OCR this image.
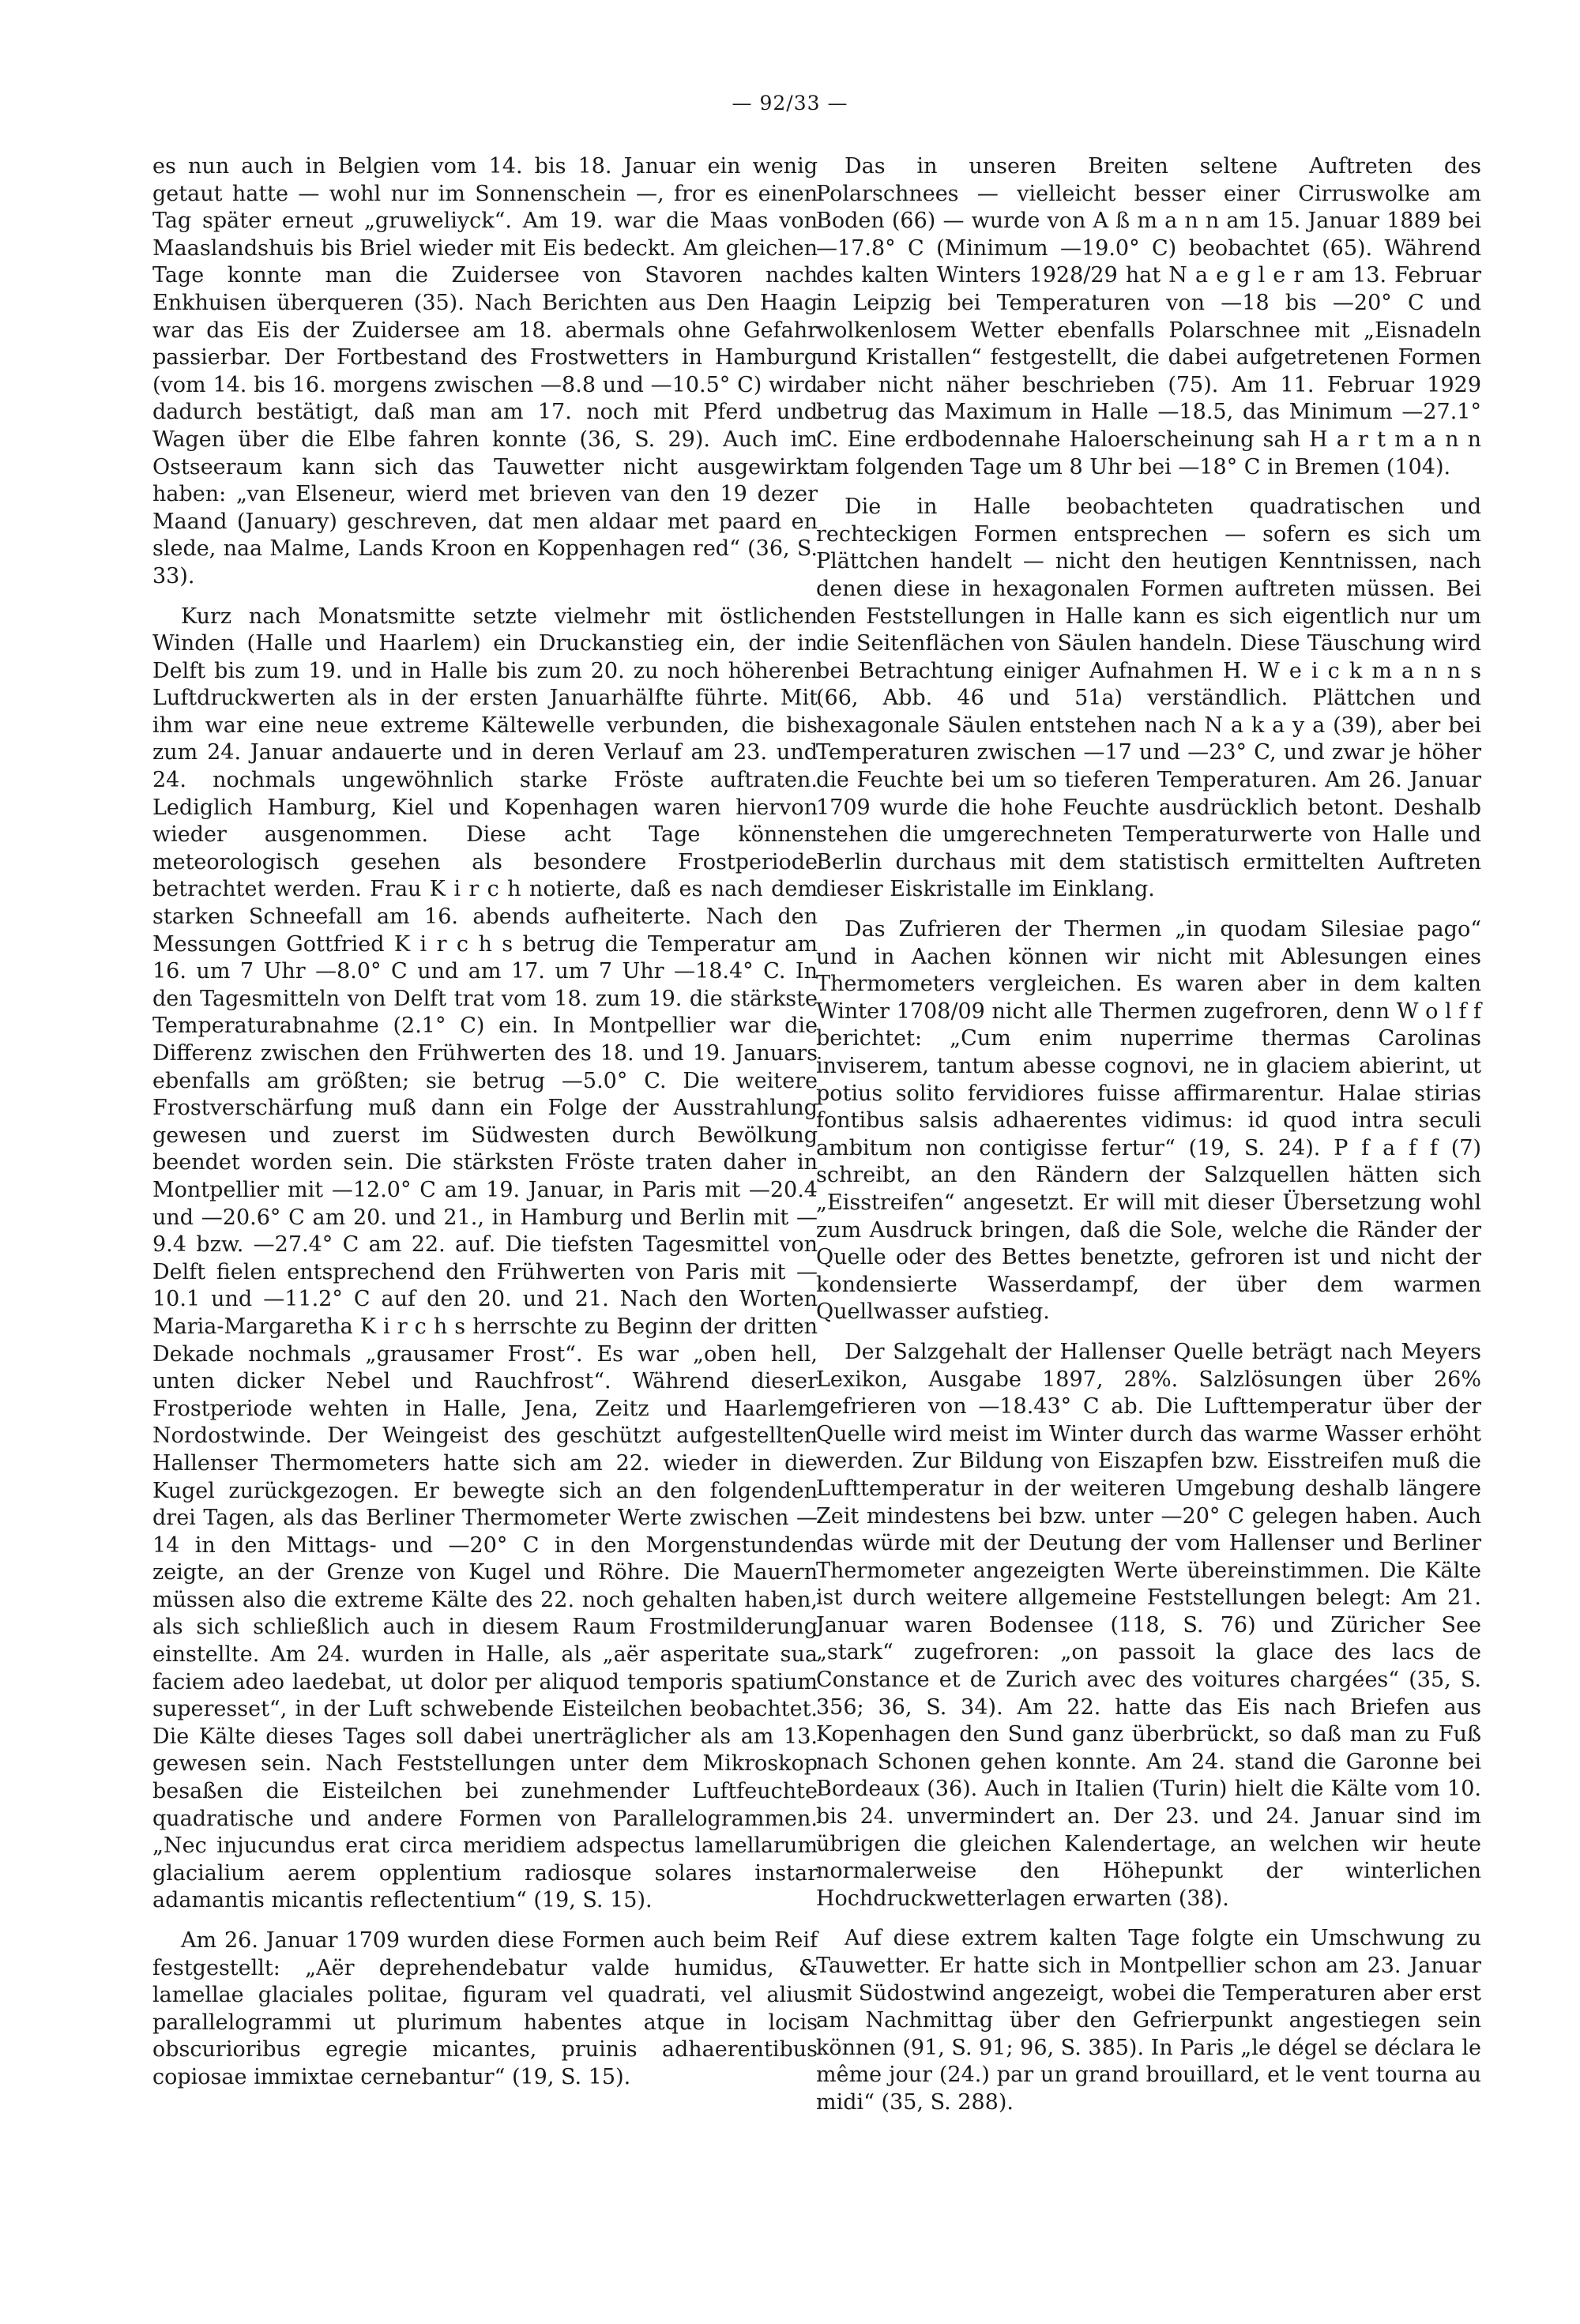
— 92/33 —

es nun auch in Belgien vom 14. bis 18. Januar ein wenig getaut hatte — wohl nur im Sonnenschein —, fror es einen Tag später erneut „gruweliyck“. Am 19. war die Maas von Maaslandshuis bis Briel wieder mit Eis bedeckt. Am gleichen Tage konnte man die Zuidersee von Stavoren nach Enkhuisen überqueren (35). Nach Berichten aus Den Haag war das Eis der Zuidersee am 18. abermals ohne Gefahr passierbar. Der Fortbestand des Frostwetters in Hamburg (vom 14. bis 16. morgens zwischen —8.8 und —10.5° C) wird dadurch bestätigt, daß man am 17. noch mit Pferd und Wagen über die Elbe fahren konnte (36, S. 29). Auch im Ostseeraum kann sich das Tauwetter nicht ausgewirkt haben: „van Elseneur, wierd met brieven van den 19 dezer Maand (January) geschreven, dat men aldaar met paard en slede, naa Malme, Lands Kroon en Koppenhagen red“ (36, S. 33).

Kurz nach Monatsmitte setzte vielmehr mit östlichen Winden (Halle und Haarlem) ein Druckanstieg ein, der in Delft bis zum 19. und in Halle bis zum 20. zu noch höheren Luftdruckwerten als in der ersten Januarhälfte führte. Mit ihm war eine neue extreme Kältewelle verbunden, die bis zum 24. Januar andauerte und in deren Verlauf am 23. und 24. nochmals ungewöhnlich starke Fröste auftraten. Lediglich Hamburg, Kiel und Kopenhagen waren hiervon wieder ausgenommen. Diese acht Tage können meteorologisch gesehen als besondere Frostperiode betrachtet werden. Frau K i r c h notierte, daß es nach dem starken Schneefall am 16. abends aufheiterte. Nach den Messungen Gottfried K i r c h s betrug die Temperatur am 16. um 7 Uhr —8.0° C und am 17. um 7 Uhr —18.4° C. In den Tagesmitteln von Delft trat vom 18. zum 19. die stärkste Temperaturabnahme (2.1° C) ein. In Montpellier war die Differenz zwischen den Frühwerten des 18. und 19. Januars ebenfalls am größten; sie betrug —5.0° C. Die weitere Frostverschärfung muß dann ein Folge der Ausstrahlung gewesen und zuerst im Südwesten durch Bewölkung beendet worden sein. Die stärksten Fröste traten daher in Montpellier mit —12.0° C am 19. Januar, in Paris mit —20.4 und —20.6° C am 20. und 21., in Hamburg und Berlin mit —9.4 bzw. —27.4° C am 22. auf. Die tiefsten Tagesmittel von Delft fielen entsprechend den Frühwerten von Paris mit —10.1 und —11.2° C auf den 20. und 21. Nach den Worten Maria-Margaretha K i r c h s herrschte zu Beginn der dritten Dekade nochmals „grausamer Frost“. Es war „oben hell, unten dicker Nebel und Rauchfrost“. Während dieser Frostperiode wehten in Halle, Jena, Zeitz und Haarlem Nordostwinde. Der Weingeist des geschützt aufgestellten Hallenser Thermometers hatte sich am 22. wieder in die Kugel zurückgezogen. Er bewegte sich an den folgenden drei Tagen, als das Berliner Thermometer Werte zwischen —14 in den Mittags- und —20° C in den Morgenstunden zeigte, an der Grenze von Kugel und Röhre. Die Mauern müssen also die extreme Kälte des 22. noch gehalten haben, als sich schließlich auch in diesem Raum Frostmilderung einstellte. Am 24. wurden in Halle, als „aër asperitate sua faciem adeo laedebat, ut dolor per aliquod temporis spatium superesset“, in der Luft schwebende Eisteilchen beobachtet. Die Kälte dieses Tages soll dabei unerträglicher als am 13. gewesen sein. Nach Feststellungen unter dem Mikroskop besaßen die Eisteilchen bei zunehmender Luftfeuchte quadratische und andere Formen von Parallelogrammen. „Nec injucundus erat circa meridiem adspectus lamellarum glacialium aerem opplentium radiosque solares instar adamantis micantis reflectentium“ (19, S. 15).

Am 26. Januar 1709 wurden diese Formen auch beim Reif festgestellt: „Aër deprehendebatur valde humidus, & lamellae glaciales politae, figuram vel quadrati, vel alius parallelogrammi ut plurimum habentes atque in locis obscurioribus egregie micantes, pruinis adhaerentibus copiosae immixtae cernebantur“ (19, S. 15).

Das in unseren Breiten seltene Auftreten des Polarschnees — vielleicht besser einer Cirruswolke am Boden (66) — wurde von A ß m a n n am 15. Januar 1889 bei —17.8° C (Minimum —19.0° C) beobachtet (65). Während des kalten Winters 1928/29 hat N a e g l e r am 13. Februar in Leipzig bei Temperaturen von —18 bis —20° C und wolkenlosem Wetter ebenfalls Polarschnee mit „Eisnadeln und Kristallen“ festgestellt, die dabei aufgetretenen Formen aber nicht näher beschrieben (75). Am 11. Februar 1929 betrug das Maximum in Halle —18.5, das Minimum —27.1° C. Eine erdbodennahe Haloerscheinung sah H a r t m a n n am folgenden Tage um 8 Uhr bei —18° C in Bremen (104).

Die in Halle beobachteten quadratischen und rechteckigen Formen entsprechen — sofern es sich um Plättchen handelt — nicht den heutigen Kenntnissen, nach denen diese in hexagonalen Formen auftreten müssen. Bei den Feststellungen in Halle kann es sich eigentlich nur um die Seitenflächen von Säulen handeln. Diese Täuschung wird bei Betrachtung einiger Aufnahmen H. W e i c k m a n n s (66, Abb. 46 und 51a) verständlich. Plättchen und hexagonale Säulen entstehen nach N a k a y a (39), aber bei Temperaturen zwischen —17 und —23° C, und zwar je höher die Feuchte bei um so tieferen Temperaturen. Am 26. Januar 1709 wurde die hohe Feuchte ausdrücklich betont. Deshalb stehen die umgerechneten Temperaturwerte von Halle und Berlin durchaus mit dem statistisch ermittelten Auftreten dieser Eiskristalle im Einklang.

Das Zufrieren der Thermen „in quodam Silesiae pago“ und in Aachen können wir nicht mit Ablesungen eines Thermometers vergleichen. Es waren aber in dem kalten Winter 1708/09 nicht alle Thermen zugefroren, denn W o l f f berichtet: „Cum enim nuperrime thermas Carolinas inviserem, tantum abesse cognovi, ne in glaciem abierint, ut potius solito fervidiores fuisse affirmarentur. Halae stirias fontibus salsis adhaerentes vidimus: id quod intra seculi ambitum non contigisse fertur“ (19, S. 24). P f a f f (7) schreibt, an den Rändern der Salzquellen hätten sich „Eisstreifen“ angesetzt. Er will mit dieser Übersetzung wohl zum Ausdruck bringen, daß die Sole, welche die Ränder der Quelle oder des Bettes benetzte, gefroren ist und nicht der kondensierte Wasserdampf, der über dem warmen Quellwasser aufstieg.

Der Salzgehalt der Hallenser Quelle beträgt nach Meyers Lexikon, Ausgabe 1897, 28%. Salzlösungen über 26% gefrieren von —18.43° C ab. Die Lufttemperatur über der Quelle wird meist im Winter durch das warme Wasser erhöht werden. Zur Bildung von Eiszapfen bzw. Eisstreifen muß die Lufttemperatur in der weiteren Umgebung deshalb längere Zeit mindestens bei bzw. unter —20° C gelegen haben. Auch das würde mit der Deutung der vom Hallenser und Berliner Thermometer angezeigten Werte übereinstimmen. Die Kälte ist durch weitere allgemeine Feststellungen belegt: Am 21. Januar waren Bodensee (118, S. 76) und Züricher See „stark“ zugefroren: „on passoit la glace des lacs de Constance et de Zurich avec des voitures chargées“ (35, S. 356; 36, S. 34). Am 22. hatte das Eis nach Briefen aus Kopenhagen den Sund ganz überbrückt, so daß man zu Fuß nach Schonen gehen konnte. Am 24. stand die Garonne bei Bordeaux (36). Auch in Italien (Turin) hielt die Kälte vom 10. bis 24. unvermindert an. Der 23. und 24. Januar sind im übrigen die gleichen Kalendertage, an welchen wir heute normalerweise den Höhepunkt der winterlichen Hochdruckwetterlagen erwarten (38).

Auf diese extrem kalten Tage folgte ein Umschwung zu Tauwetter. Er hatte sich in Montpellier schon am 23. Januar mit Südostwind angezeigt, wobei die Temperaturen aber erst am Nachmittag über den Gefrierpunkt angestiegen sein können (91, S. 91; 96, S. 385). In Paris „le dégel se déclara le même jour (24.) par un grand brouillard, et le vent tourna au midi“ (35, S. 288).
